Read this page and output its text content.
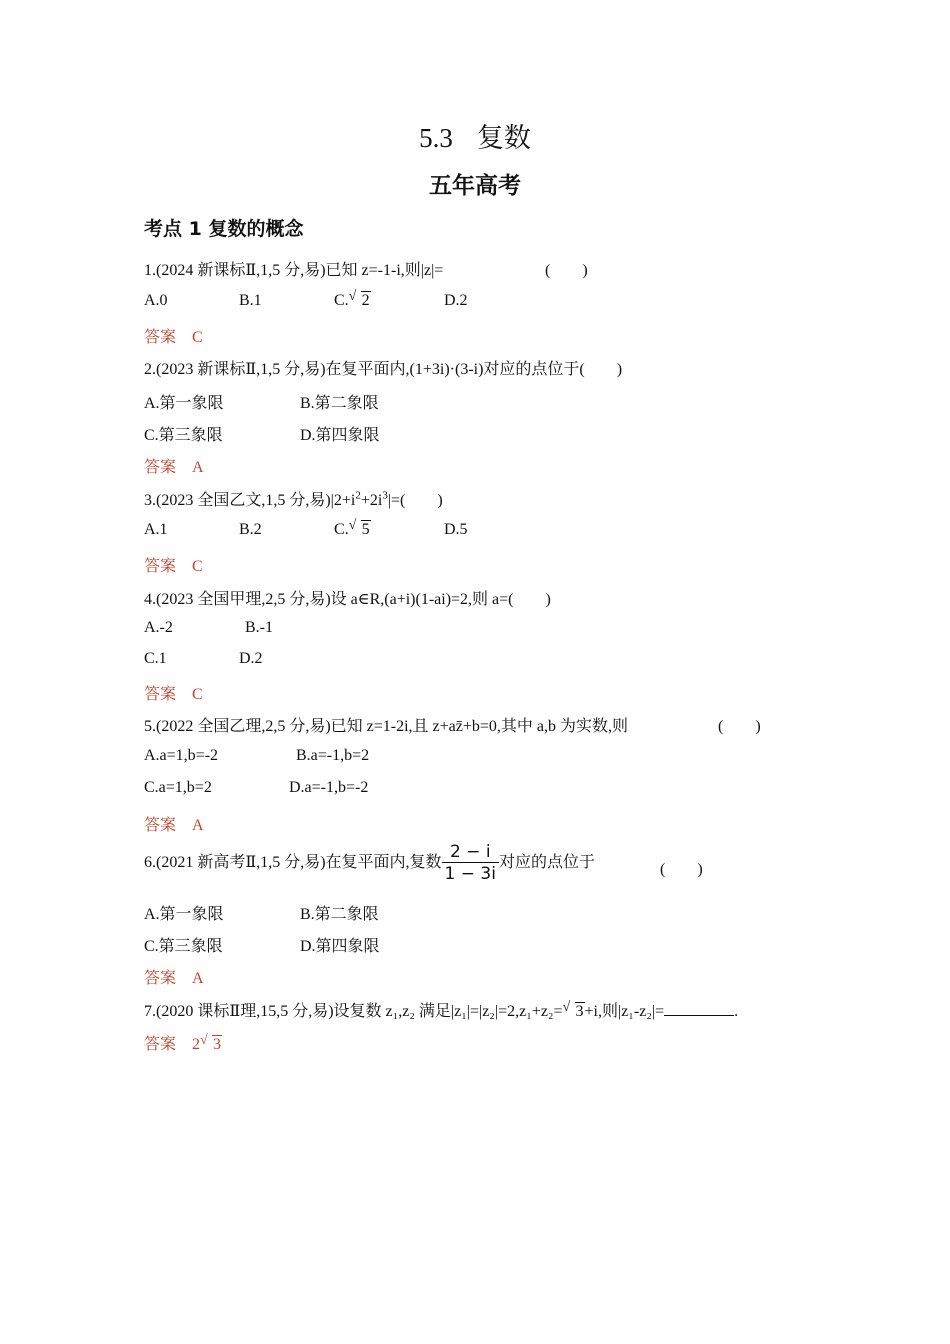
5.3 复数
五年高考
考点 1 复数的概念
1.(2024 新课标Ⅱ,1,5 分,易)已知 z=-1-i,则|z|=	(　　)
A.0	B.1	C. √ 2	D.2
答案 C
2.(2023 新课标Ⅱ,1,5 分,易)在复平面内,(1+3i)·(3-i)对应的点位于(　　)
A.第一象限	B.第二象限
C.第三象限	D.第四象限
答案 A
3.(2023 全国乙文,1,5 分,易)$|2+i^2+2i^3|=$(　　)
A.1	B.2	C. √ 5	D.5
答案 C
4.(2023 全国甲理,2,5 分,易)设 a∈R,(a+i)(1-ai)=2,则 a=(　　)
A.-2	B.-1
C.1	D.2
答案 C
5.(2022 全国乙理,2,5 分,易)已知 z=1-2i,且 z+az̄+b=0,其中 a,b 为实数,则	(　　)
A.a=1,b=-2	B.a=-1,b=2
C.a=1,b=2	D.a=-1,b=-2
答案 A
6.(2021 新高考Ⅱ,1,5 分,易)在复平面内,复数 $\frac{2 - i}{1 - 3i}$ 对应的点位于	(　　)
A.第一象限	B.第二象限
C.第三象限	D.第四象限
答案 A
7.(2020 课标Ⅱ理,15,5 分,易)设复数 z₁,z₂ 满足|z₁|=|z₂|=2,z₁+z₂= √ 3+i,则|z₁-z₂|=	.
答案 2 √ 3
